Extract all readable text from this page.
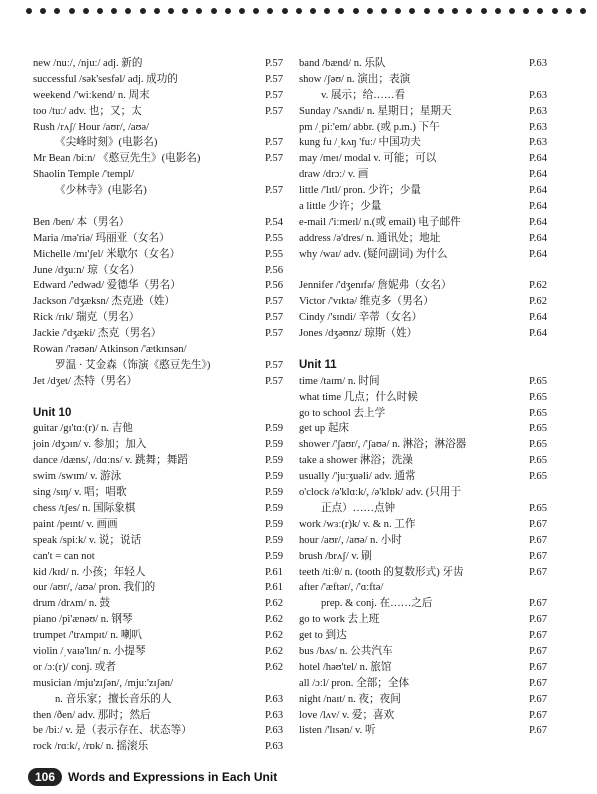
new /nuː/, /njuː/ adj. 新的	P.57
successful /sək'sesfəl/ adj. 成功的	P.57
weekend /'wiːkend/ n. 周末	P.57
too /tuː/ adv. 也；又；太	P.57
Rush /rʌʃ/ Hour /aʊr/, /aʊə/
《尖峰时刻》(电影名)	P.57
Mr Bean /biːn/ 《憨豆先生》(电影名)	P.57
Shaolin Temple /'templ/
《少林寺》(电影名)	P.57
Ben /ben/ 本（男名）	P.54
Maria /mə'riə/ 玛丽亚（女名）	P.55
Michelle /mɪ'ʃel/ 米歇尔（女名）	P.55
June /dʒuːn/ 琼（女名）	P.56
Edward /'edwəd/ 爱德华（男名）	P.56
Jackson /'dʒæksn/ 杰克逊（姓）	P.57
Rick /rɪk/ 瑞克（男名）	P.57
Jackie /'dʒæki/ 杰克（男名）	P.57
Rowan /'rəʊən/ Atkinson /'ætkɪnsən/
罗温 · 艾金森（饰演《憨豆先生》)	P.57
Jet /dʒet/ 杰特（男名）	P.57
Unit 10
guitar /gɪ'tɑː(r)/ n. 吉他	P.59
join /dʒɔɪn/ v. 参加；加入	P.59
dance /dæns/, /dɑːns/ v. 跳舞；舞蹈	P.59
swim /swɪm/ v. 游泳	P.59
sing /sɪŋ/ v. 唱；唱歌	P.59
chess /tʃes/ n. 国际象棋	P.59
paint /peɪnt/ v. 画画	P.59
speak /spiːk/ v. 说；说话	P.59
can't = can not	P.59
kid /kɪd/ n. 小孩；年轻人	P.61
our /aʊr/, /aʊə/ pron. 我们的	P.61
drum /drʌm/ n. 鼓	P.62
piano /pi'ænəʊ/ n. 钢琴	P.62
trumpet /'trʌmpɪt/ n. 喇叭	P.62
violin /ˌvaɪə'lɪn/ n. 小提琴	P.62
or /ɔː(r)/ conj. 或者	P.62
musician /mju'zɪʃən/, /mjuː'zɪʃən/
n. 音乐家；擅长音乐的人	P.63
then /ðen/ adv. 那时；然后	P.63
be /biː/ v. 是（表示存在、状态等）	P.63
rock /rɑːk/, /rɒk/ n. 摇滚乐	P.63
band /bænd/ n. 乐队	P.63
show /ʃəʊ/ n. 演出；表演
v. 展示；给……看	P.63
Sunday /'sʌndi/ n. 星期日；星期天	P.63
pm /ˌpiː'em/ abbr. (或 p.m.) 下午	P.63
kung fu /ˌkʌŋ 'fuː/ 中国功夫	P.63
may /meɪ/ modal v. 可能；可以	P.64
draw /drɔː/ v. 画	P.64
little /'lɪtl/ pron. 少许；少量	P.64
a little 少许；少量	P.64
e-mail /'iːmeɪl/ n.(或 email) 电子邮件	P.64
address /ə'dres/ n. 通讯处；地址	P.64
why /waɪ/ adv. (疑问副词) 为什么	P.64
Jennifer /'dʒenɪfə/ 詹妮弗（女名）	P.62
Victor /'vɪktə/ 维克多（男名）	P.62
Cindy /'sɪndi/ 辛蒂（女名）	P.64
Jones /dʒəʊnz/ 琼斯（姓）	P.64
Unit 11
time /taɪm/ n. 时间	P.65
what time 几点；什么时候	P.65
go to school 去上学	P.65
get up 起床	P.65
shower /'ʃaʊr/, /'ʃaʊə/ n. 淋浴；淋浴器	P.65
take a shower 淋浴；洗澡	P.65
usually /'juːʒuəli/ adv. 通常	P.65
o'clock /ə'klɑːk/, /ə'klɒk/ adv. (只用于
正点）……点钟	P.65
work /wɜː(r)k/ v. & n. 工作	P.67
hour /aʊr/, /aʊə/ n. 小时	P.67
brush /brʌʃ/ v. 刷	P.67
teeth /tiːθ/ n. (tooth 的复数形式) 牙齿	P.67
after /'æftər/, /'ɑːftə/
prep. & conj. 在……之后	P.67
go to work 去上班	P.67
get to 到达	P.67
bus /bʌs/ n. 公共汽车	P.67
hotel /həʊ'tel/ n. 旅馆	P.67
all /ɔːl/ pron. 全部；全体	P.67
night /naɪt/ n. 夜；夜间	P.67
love /lʌv/ v. 爱；喜欢	P.67
listen /'lɪsən/ v. 听	P.67
106	Words and Expressions in Each Unit
